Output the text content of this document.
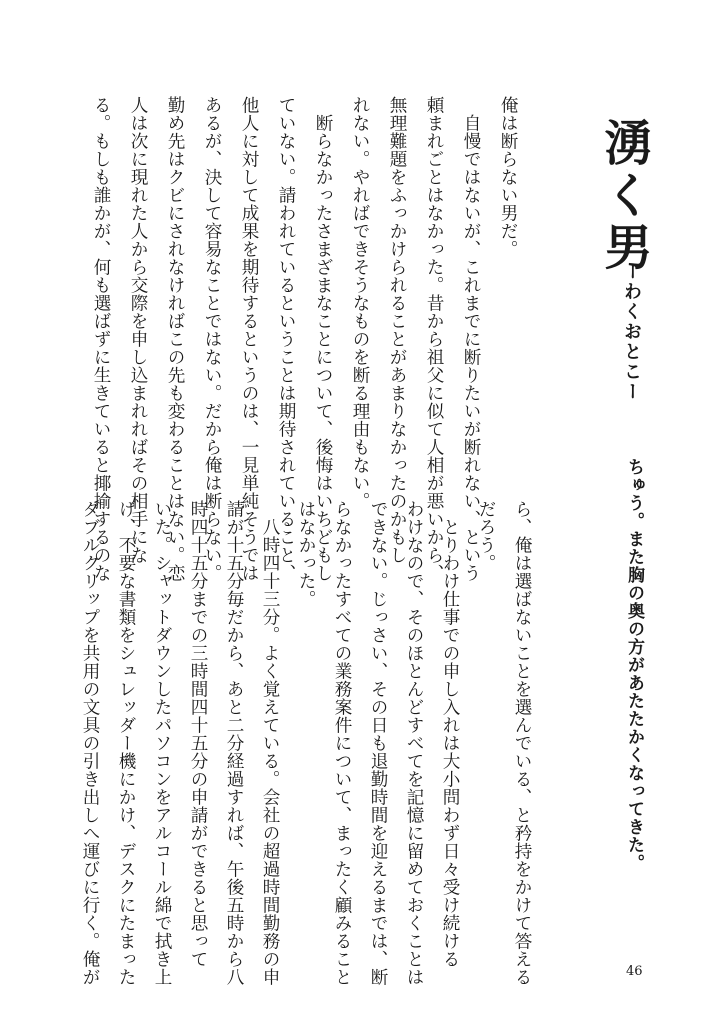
湧く男
ーわくおとこー
ちゅう。また胸の奥の方があたたかくなってきた。
俺は断らない男だ。
　自慢ではないが、これまでに断りたいが断れない、という
頼まれごとはなかった。昔から祖父に似て人相が悪いから、
無理難題をふっかけられることがあまりなかったのかもし
れない。やればできそうなものを断る理由もない。
　断らなかったさまざまなことについて、後悔はいちどもし
ていない。請われているということは期待されていること、
他人に対して成果を期待するというのは、一見単純そうでは
あるが、決して容易なことではない。だから俺は断らない。
勤め先はクビにされなければこの先も変わることはない。恋
人は次に現れた人から交際を申し込まれればその相手にな
る。もしも誰かが、何も選ばずに生きていると揶揄するのな
ら、俺は選ばないことを選んでいる、と矜持をかけて答える
だろう。
　とりわけ仕事での申し入れは大小問わず日々受け続ける
わけなので、そのほとんどすべてを記憶に留めておくことは
できない。じっさい、その日も退勤時間を迎えるまでは、断
らなかったすべての業務案件について、まったく顧みること
はなかった。
　八時四十三分。よく覚えている。会社の超過時間勤務の申
請が十五分毎だから、あと二分経過すれば、午後五時から八
時四十五分までの三時間四十五分の申請ができると思って
いた。シャットダウンしたパソコンをアルコール綿で拭き上
げ、不要な書類をシュレッダー機にかけ、デスクにたまった
ダブルクリップを共用の文具の引き出しへ運びに行く。俺が	46
